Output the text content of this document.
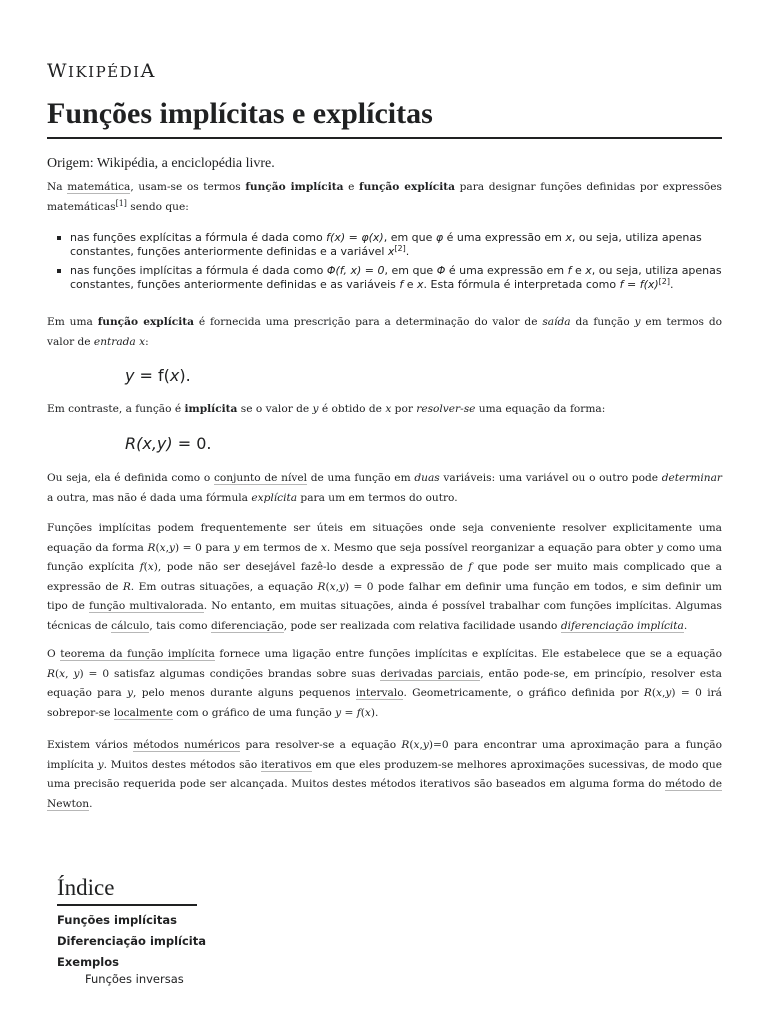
WIKIPÉDIA
Funções implícitas e explícitas
Origem: Wikipédia, a enciclopédia livre.

Na matemática, usam-se os termos função implícita e função explícita para designar funções definidas por expressões matemáticas[1] sendo que:

nas funções explícitas a fórmula é dada como f(x) = φ(x), em que φ é uma expressão em x, ou seja, utiliza apenas constantes, funções anteriormente definidas e a variável x[2].
nas funções implícitas a fórmula é dada como Φ(f, x) = 0, em que Φ é uma expressão em f e x, ou seja, utiliza apenas constantes, funções anteriormente definidas e as variáveis f e x. Esta fórmula é interpretada como f = f(x)[2].

Em uma função explícita é fornecida uma prescrição para a determinação do valor de saída da função y em termos do valor de entrada x:

y = f(x).

Em contraste, a função é implícita se o valor de y é obtido de x por resolver-se uma equação da forma:

R(x,y) = 0.

Ou seja, ela é definida como o conjunto de nível de uma função em duas variáveis: uma variável ou o outro pode determinar a outra, mas não é dada uma fórmula explícita para um em termos do outro.

Funções implícitas podem frequentemente ser úteis em situações onde seja conveniente resolver explicitamente uma equação da forma R(x,y) = 0 para y em termos de x. Mesmo que seja possível reorganizar a equação para obter y como uma função explícita f(x), pode não ser desejável fazê-lo desde a expressão de f que pode ser muito mais complicado que a expressão de R. Em outras situações, a equação R(x,y) = 0 pode falhar em definir uma função em todos, e sim definir um tipo de função multivalorada. No entanto, em muitas situações, ainda é possível trabalhar com funções implícitas. Algumas técnicas de cálculo, tais como diferenciação, pode ser realizada com relativa facilidade usando diferenciação implícita.

O teorema da função implícita fornece uma ligação entre funções implícitas e explícitas. Ele estabelece que se a equação R(x, y) = 0 satisfaz algumas condições brandas sobre suas derivadas parciais, então pode-se, em princípio, resolver esta equação para y, pelo menos durante alguns pequenos intervalo. Geometricamente, o gráfico definida por R(x,y) = 0 irá sobrepor-se localmente com o gráfico de uma função y = f(x).

Existem vários métodos numéricos para resolver-se a equação R(x,y)=0 para encontrar uma aproximação para a função implícita y. Muitos destes métodos são iterativos em que eles produzem-se melhores aproximações sucessivas, de modo que uma precisão requerida pode ser alcançada. Muitos destes métodos iterativos são baseados em alguma forma do método de Newton.

Índice
Funções implícitas
Diferenciação implícita
Exemplos
Funções inversas
